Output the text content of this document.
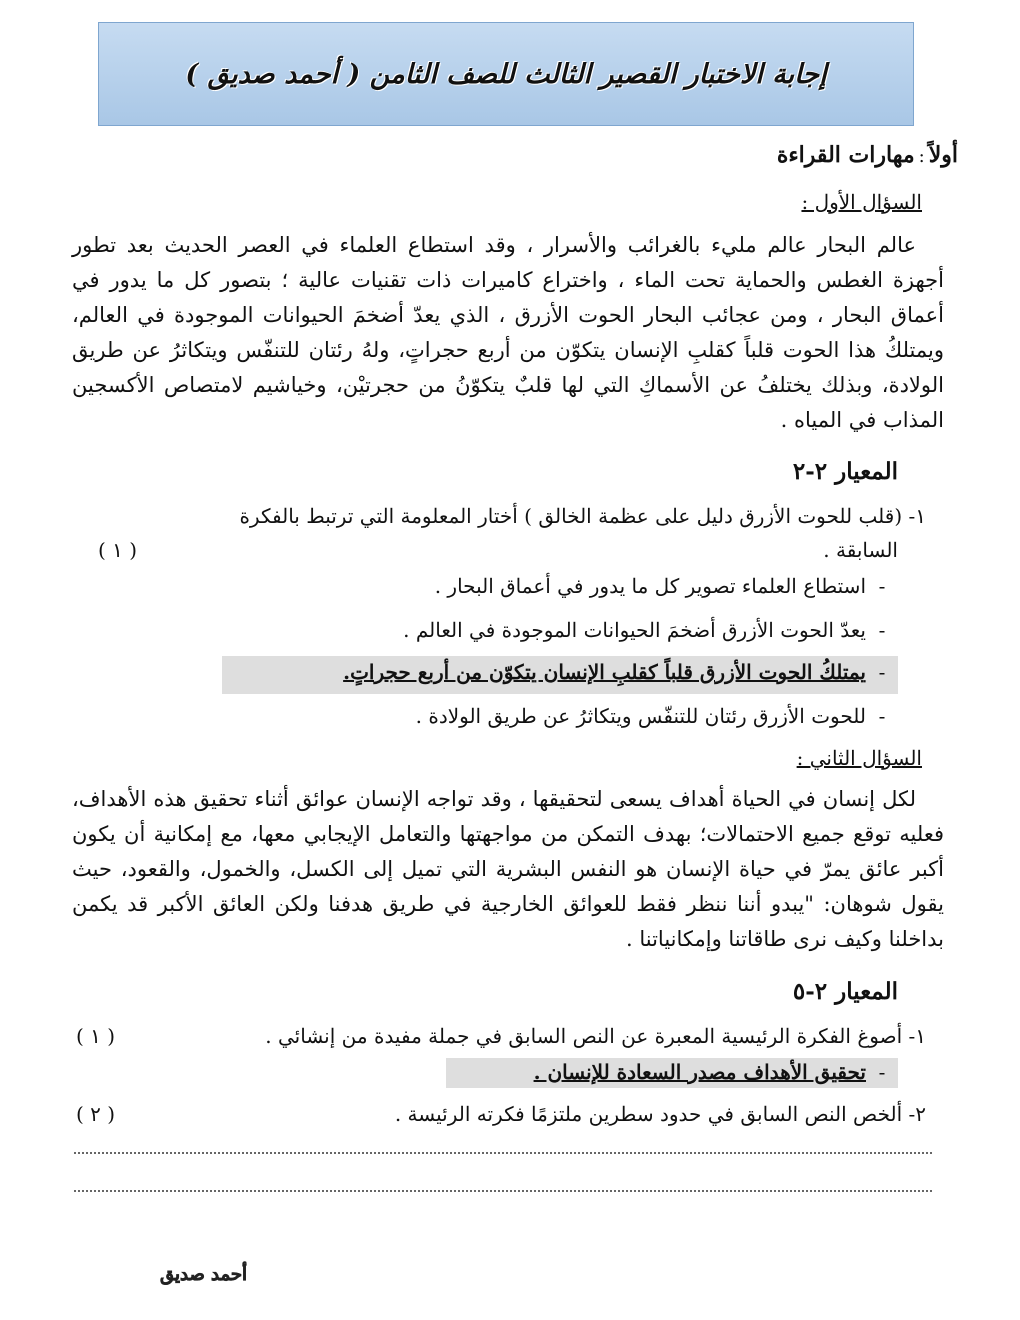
إجابة الاختبار القصير الثالث للصف الثامن ( أحمد صديق )
أولاً:مهارات القراءة
السؤال الأول :
عالم البحار عالم مليء بالغرائب والأسرار ، وقد استطاع العلماء في العصر الحديث بعد تطور أجهزة الغطس والحماية تحت الماء ، واختراع كاميرات ذات تقنيات عالية ؛ بتصور كل ما يدور في أعماق البحار ، ومن عجائب البحار الحوت الأزرق ، الذي يعدّ أضخمَ الحيوانات الموجودة في العالم، ويمتلكُ هذا الحوت قلباً كقلبِ الإنسان يتكوّن من أربع حجراتٍ، ولهُ رئتان للتنفّس ويتكاثرُ عن طريق الولادة، وبذلك يختلفُ عن الأسماكِ التي لها قلبٌ يتكوّنُ من حجرتيْن، وخياشيم لامتصاص الأكسجين المذاب في المياه .
المعيار ٢-٢
١- (قلب للحوت الأزرق دليل على عظمة الخالق ) أختار المعلومة التي ترتبط بالفكرة
السابقة .
( ١ )
-
استطاع العلماء تصوير كل ما يدور في أعماق البحار .
-
يعدّ الحوت الأزرق أضخمَ الحيوانات الموجودة في العالم .
-
يمتلكُ الحوت الأزرق قلباً كقلبِ الإنسان يتكوّن من أربع حجراتٍ.
-
للحوت الأزرق رئتان للتنفّس ويتكاثرُ عن طريق الولادة .
السؤال الثاني :
لكل إنسان في الحياة أهداف يسعى لتحقيقها ، وقد تواجه الإنسان عوائق أثناء تحقيق هذه الأهداف، فعليه توقع جميع الاحتمالات؛ بهدف التمكن من مواجهتها والتعامل الإيجابي معها، مع إمكانية أن يكون أكبر عائق يمرّ في حياة الإنسان هو النفس البشرية التي تميل إلى الكسل، والخمول، والقعود، حيث يقول شوهان: "يبدو أننا ننظر فقط للعوائق الخارجية في طريق هدفنا ولكن العائق الأكبر قد يكمن بداخلنا وكيف نرى طاقاتنا وإمكانياتنا .
المعيار ٢-٥
١- أصوغ الفكرة الرئيسية المعبرة عن النص السابق في جملة مفيدة من إنشائي .
( ١ )
-
تحقيق الأهداف مصدر السعادة للإنسان .
٢- ألخص النص السابق في حدود سطرين ملتزمًا فكرته الرئيسة .
( ٢ )
أحمد صديق
